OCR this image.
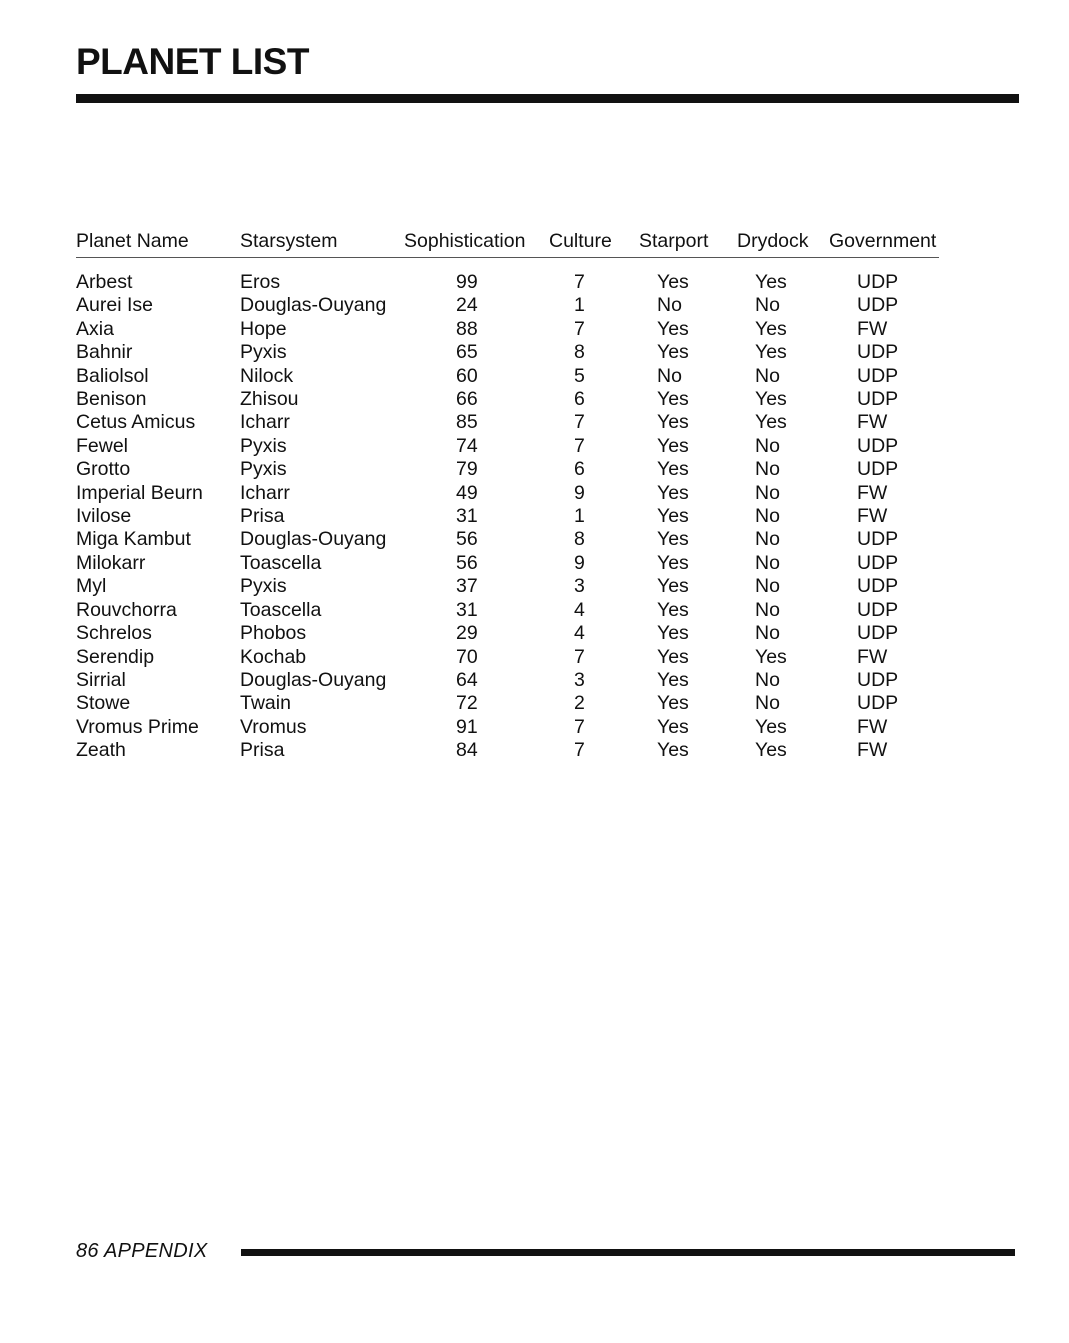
PLANET LIST
Planet Name	Starsystem	Sophistication	Culture	Starport	Drydock	Government

Arbest	Eros	99	7	Yes	Yes	UDP
Aurei Ise	Douglas-Ouyang	24	1	No	No	UDP
Axia	Hope	88	7	Yes	Yes	FW
Bahnir	Pyxis	65	8	Yes	Yes	UDP
Baliolsol	Nilock	60	5	No	No	UDP
Benison	Zhisou	66	6	Yes	Yes	UDP
Cetus Amicus	Icharr	85	7	Yes	Yes	FW
Fewel	Pyxis	74	7	Yes	No	UDP
Grotto	Pyxis	79	6	Yes	No	UDP
Imperial Beurn	Icharr	49	9	Yes	No	FW
Ivilose	Prisa	31	1	Yes	No	FW
Miga Kambut	Douglas-Ouyang	56	8	Yes	No	UDP
Milokarr	Toascella	56	9	Yes	No	UDP
Myl	Pyxis	37	3	Yes	No	UDP
Rouvchorra	Toascella	31	4	Yes	No	UDP
Schrelos	Phobos	29	4	Yes	No	UDP
Serendip	Kochab	70	7	Yes	Yes	FW
Sirrial	Douglas-Ouyang	64	3	Yes	No	UDP
Stowe	Twain	72	2	Yes	No	UDP
Vromus Prime	Vromus	91	7	Yes	Yes	FW
Zeath	Prisa	84	7	Yes	Yes	FW
86 APPENDIX
